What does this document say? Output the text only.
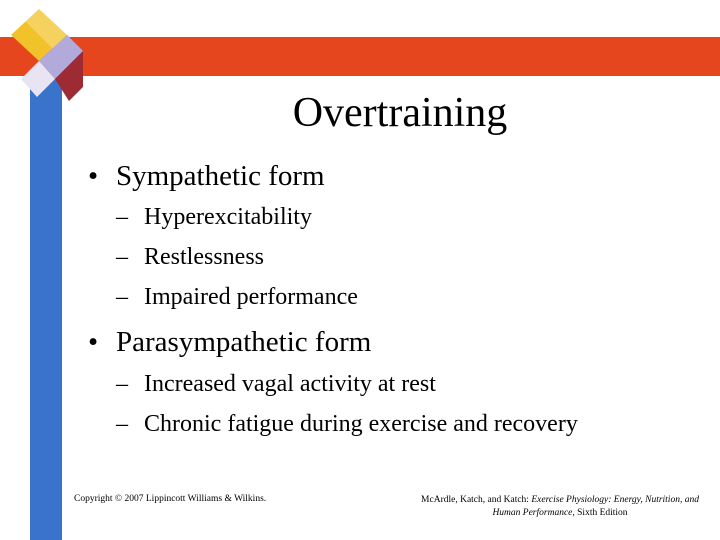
Overtraining
• Sympathetic form
– Hyperexcitability
– Restlessness
– Impaired performance
• Parasympathetic form
– Increased vagal activity at rest
– Chronic fatigue during exercise and recovery
Copyright © 2007 Lippincott Williams & Wilkins.	McArdle, Katch, and Katch: Exercise Physiology: Energy, Nutrition, and Human Performance, Sixth Edition
